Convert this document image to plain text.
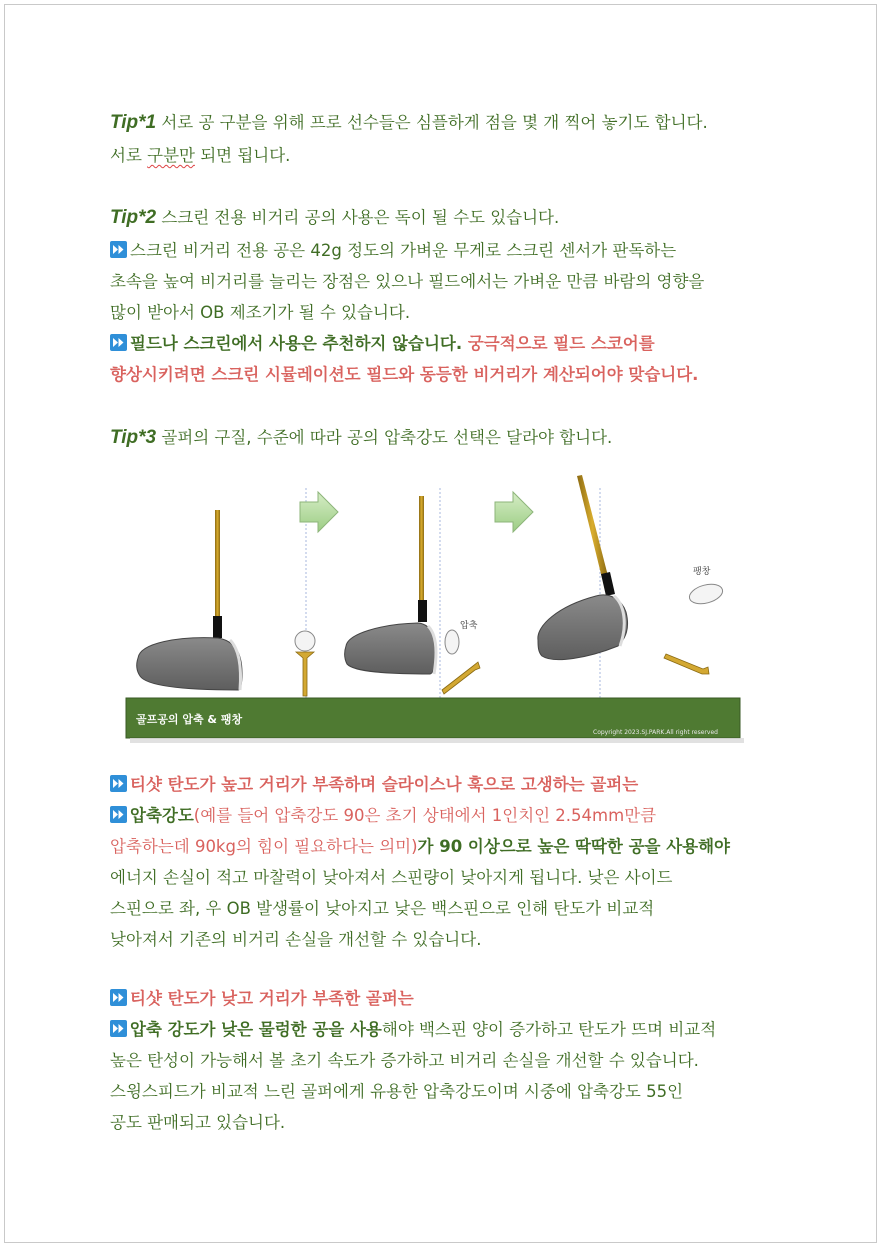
Tip*1 서로 공 구분을 위해 프로 선수들은 심플하게 점을 몇 개 찍어 놓기도 합니다.
서로 구분만 되면 됩니다.
Tip*2 스크린 전용 비거리 공의 사용은 독이 될 수도 있습니다.
스크린 비거리 전용 공은 42g 정도의 가벼운 무게로 스크린 센서가 판독하는
초속을 높여 비거리를 늘리는 장점은 있으나 필드에서는 가벼운 만큼 바람의 영향을
많이 받아서 OB 제조기가 될 수 있습니다.
필드나 스크린에서 사용은 추천하지 않습니다. 궁극적으로 필드 스코어를
향상시키려면 스크린 시뮬레이션도 필드와 동등한 비거리가 계산되어야 맞습니다.
Tip*3 골퍼의 구질, 수준에 따라 공의 압축강도 선택은 달라야 합니다.
압축
팽창
골프공의 압축 & 팽창
Copyright 2023.SJ.PARK.All right reserved
티샷 탄도가 높고 거리가 부족하며 슬라이스나 훅으로 고생하는 골퍼는
압축강도(예를 들어 압축강도 90은 초기 상태에서 1인치인 2.54mm만큼
압축하는데 90kg의 힘이 필요하다는 의미)가 90 이상으로 높은 딱딱한 공을 사용해야
에너지 손실이 적고 마찰력이 낮아져서 스핀량이 낮아지게 됩니다. 낮은 사이드
스핀으로 좌, 우 OB 발생률이 낮아지고 낮은 백스핀으로 인해 탄도가 비교적
낮아져서 기존의 비거리 손실을 개선할 수 있습니다.
티샷 탄도가 낮고 거리가 부족한 골퍼는
압축 강도가 낮은 물렁한 공을 사용해야 백스핀 양이 증가하고 탄도가 뜨며 비교적
높은 탄성이 가능해서 볼 초기 속도가 증가하고 비거리 손실을 개선할 수 있습니다.
스윙스피드가 비교적 느린 골퍼에게 유용한 압축강도이며 시중에 압축강도 55인
공도 판매되고 있습니다.
